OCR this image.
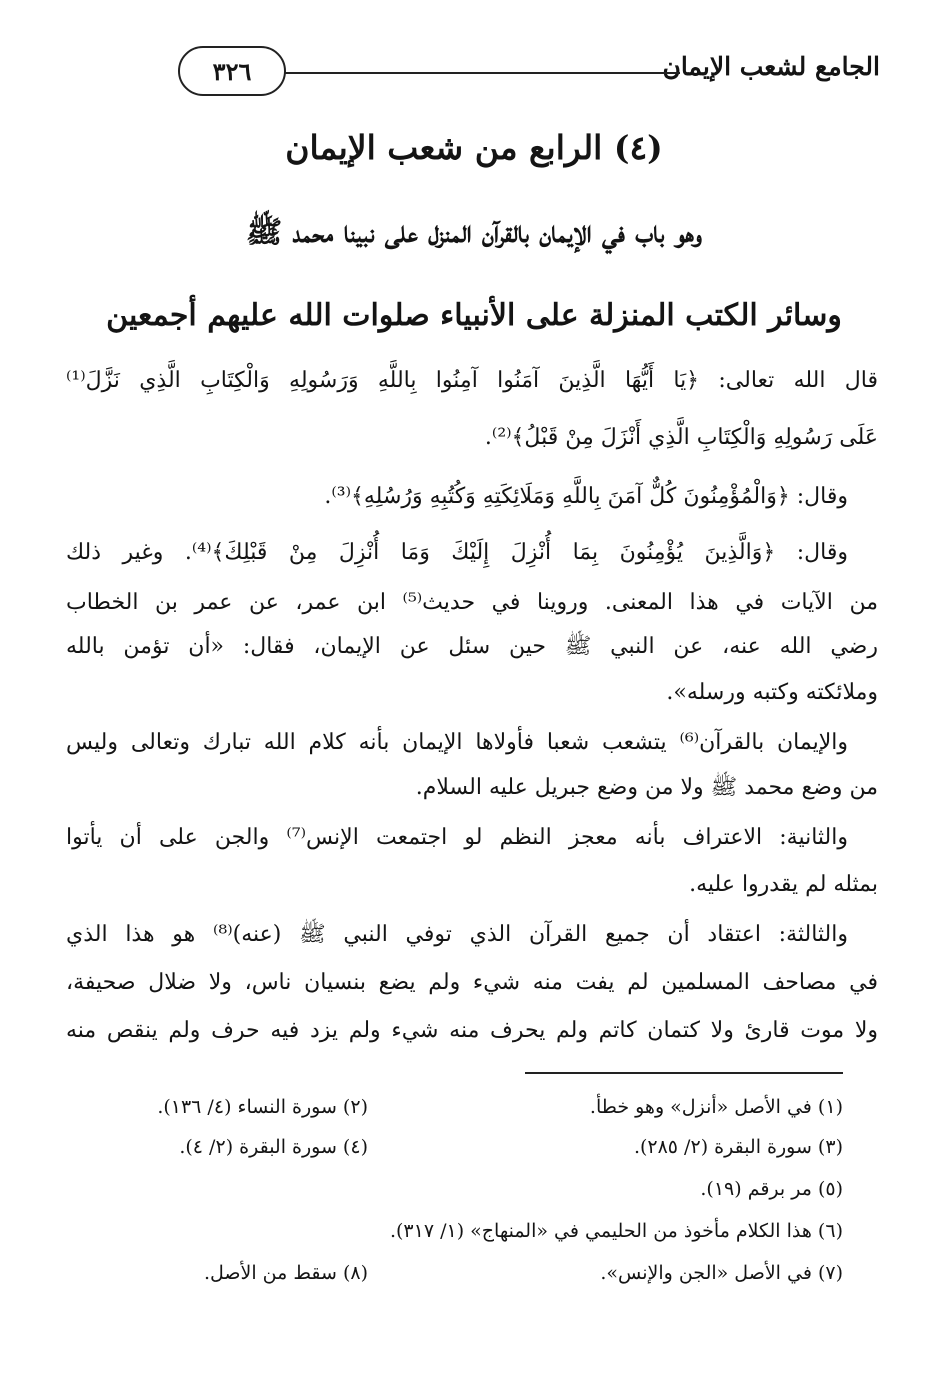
الجامع لشعب الإيمان
٣٢٦
(٤) الرابع من شعب الإيمان
وهو باب في الإيمان بالقرآن المنزل على نبينا محمد ﷺ
وسائر الكتب المنزلة على الأنبياء صلوات الله عليهم أجمعين
قال الله تعالى: ﴿يَا أَيُّهَا الَّذِينَ آمَنُوا آمِنُوا بِاللَّهِ وَرَسُولِهِ وَالْكِتَابِ الَّذِي نَزَّلَ⁽¹⁾
عَلَى رَسُولِهِ وَالْكِتَابِ الَّذِي أَنْزَلَ مِنْ قَبْلُ﴾⁽²⁾.
وقال: ﴿وَالْمُؤْمِنُونَ كُلٌّ آمَنَ بِاللَّهِ وَمَلَائِكَتِهِ وَكُتُبِهِ وَرُسُلِهِ﴾⁽³⁾.
وقال: ﴿وَالَّذِينَ يُؤْمِنُونَ بِمَا أُنْزِلَ إِلَيْكَ وَمَا أُنْزِلَ مِنْ قَبْلِكَ﴾⁽⁴⁾. وغير ذلك
من الآيات في هذا المعنى. وروينا في حديث⁽⁵⁾ ابن عمر، عن عمر بن الخطاب
رضي الله عنه، عن النبي ﷺ حين سئل عن الإيمان، فقال: «أن تؤمن بالله
وملائكته وكتبه ورسله».
والإيمان بالقرآن⁽⁶⁾ يتشعب شعبا فأولاها الإيمان بأنه كلام الله تبارك وتعالى وليس
من وضع محمد ﷺ ولا من وضع جبريل عليه السلام.
والثانية: الاعتراف بأنه معجز النظم لو اجتمعت الإنس⁽⁷⁾ والجن على أن يأتوا
بمثله لم يقدروا عليه.
والثالثة: اعتقاد أن جميع القرآن الذي توفي النبي ﷺ (عنه)⁽⁸⁾ هو هذا الذي
في مصاحف المسلمين لم يفت منه شيء ولم يضع بنسيان ناس، ولا ضلال صحيفة،
ولا موت قارئ ولا كتمان كاتم ولم يحرف منه شيء ولم يزد فيه حرف ولم ينقص منه
(١) في الأصل «أنزل» وهو خطأ.
(٢) سورة النساء (٤/ ١٣٦).
(٣) سورة البقرة (٢/ ٢٨٥).
(٤) سورة البقرة (٢/ ٤).
(٥) مر برقم (١٩).
(٦) هذا الكلام مأخوذ من الحليمي في «المنهاج» (١/ ٣١٧).
(٧) في الأصل «الجن والإنس».
(٨) سقط من الأصل.
